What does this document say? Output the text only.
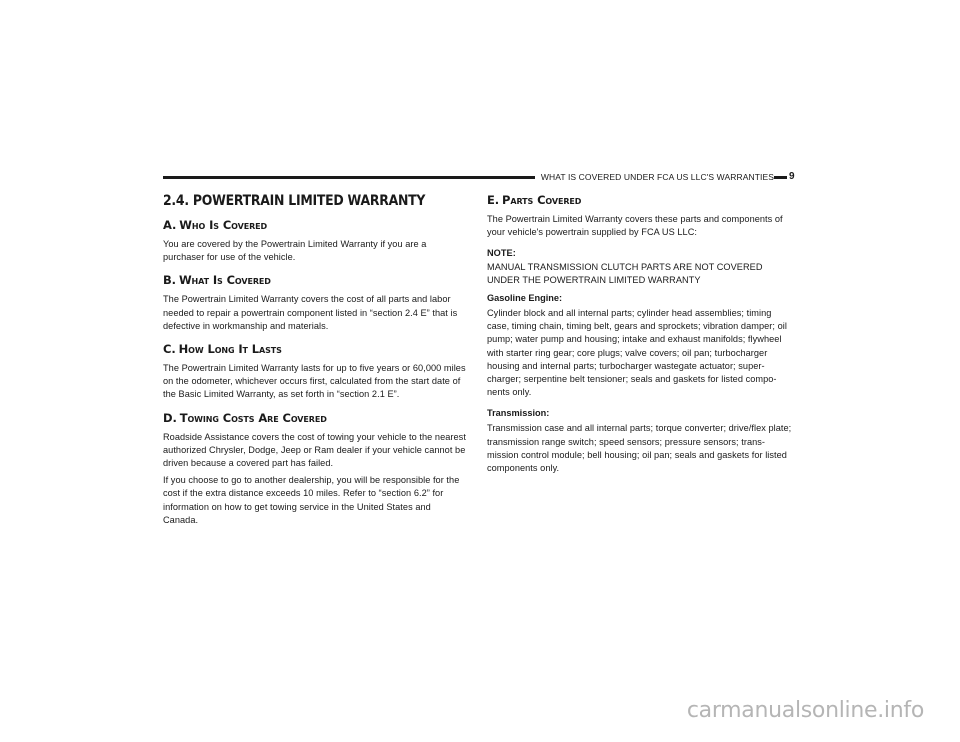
WHAT IS COVERED UNDER FCA US LLC'S WARRANTIES 9
2.4. POWERTRAIN LIMITED WARRANTY
A. Who Is Covered

You are covered by the Powertrain Limited Warranty if you are a purchaser for use of the vehicle.

B. What Is Covered

The Powertrain Limited Warranty covers the cost of all parts and labor needed to repair a powertrain component listed in “section 2.4 E” that is defective in workmanship and materials.

C. How Long It Lasts

The Powertrain Limited Warranty lasts for up to five years or 60,000 miles on the odometer, whichever occurs first, calculated from the start date of the Basic Limited Warranty, as set forth in “section 2.1 E”.

D. Towing Costs Are Covered

Roadside Assistance covers the cost of towing your vehicle to the nearest authorized Chrysler, Dodge, Jeep or Ram dealer if your vehicle cannot be driven because a covered part has failed.

If you choose to go to another dealership, you will be responsible for the cost if the extra distance exceeds 10 miles. Refer to “section 6.2” for information on how to get towing service in the United States and Canada.

E. Parts Covered

The Powertrain Limited Warranty covers these parts and components of your vehicle's powertrain supplied by FCA US LLC:

NOTE:
MANUAL TRANSMISSION CLUTCH PARTS ARE NOT COVERED UNDER THE POWERTRAIN LIMITED WARRANTY

Gasoline Engine:

Cylinder block and all internal parts; cylinder head assemblies; timing case, timing chain, timing belt, gears and sprockets; vibration damper; oil pump; water pump and housing; intake and exhaust manifolds; flywheel with starter ring gear; core plugs; valve covers; oil pan; turbocharger housing and internal parts; turbocharger wastegate actuator; super-charger; serpentine belt tensioner; seals and gaskets for listed compo-nents only.

Transmission:

Transmission case and all internal parts; torque converter; drive/flex plate; transmission range switch; speed sensors; pressure sensors; trans-mission control module; bell housing; oil pan; seals and gaskets for listed components only.

carmanualsonline.info
